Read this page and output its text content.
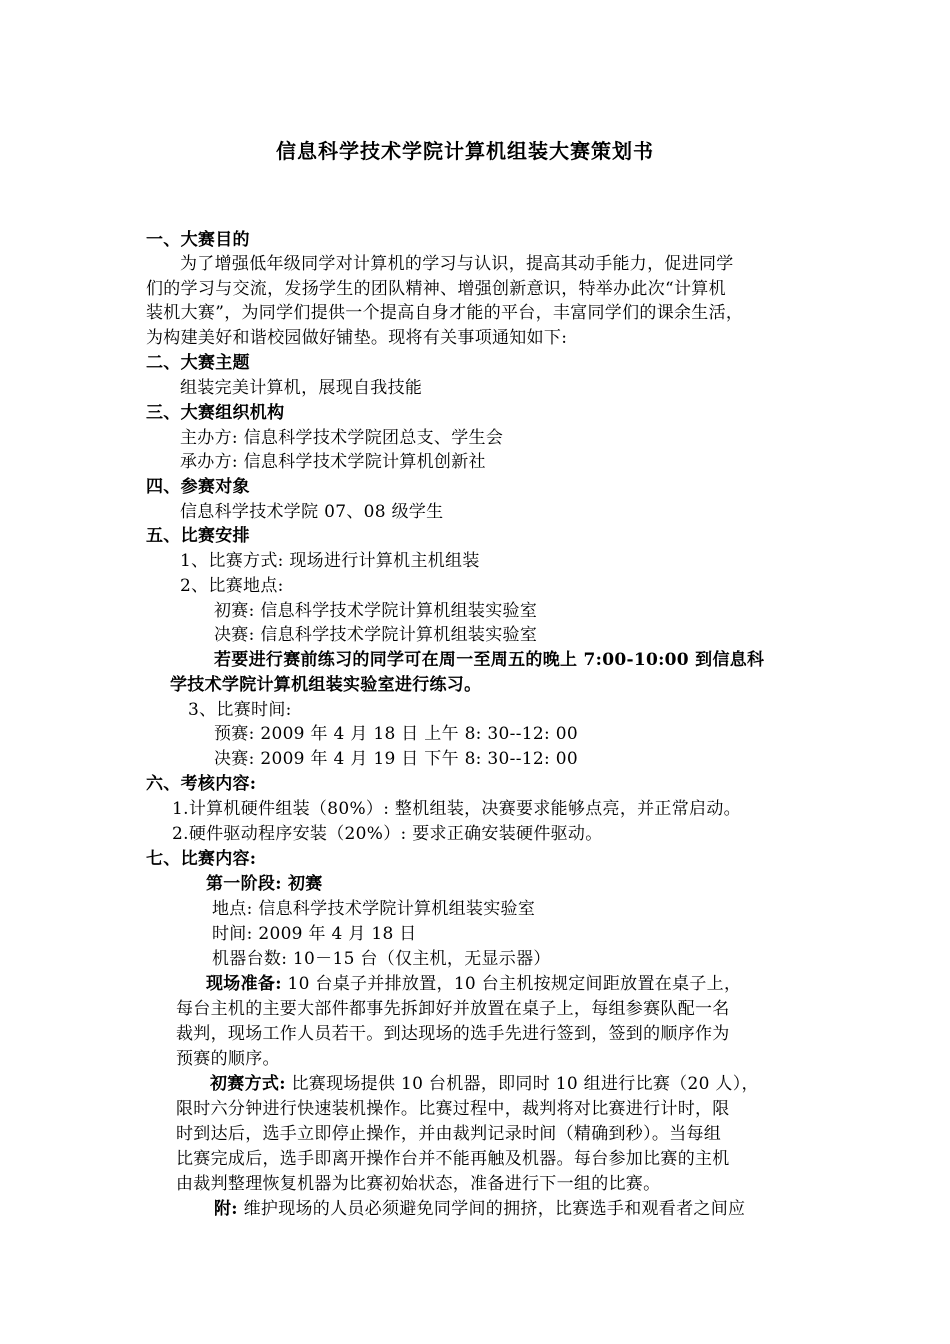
信息科学技术学院计算机组装大赛策划书
一、大赛目的
为了增强低年级同学对计算机的学习与认识，提高其动手能力，促进同学
们的学习与交流，发扬学生的团队精神、增强创新意识，特举办此次“计算机
装机大赛”，为同学们提供一个提高自身才能的平台，丰富同学们的课余生活，
为构建美好和谐校园做好铺垫。现将有关事项通知如下:
二、大赛主题
组装完美计算机，展现自我技能
三、大赛组织机构
主办方: 信息科学技术学院团总支、学生会
承办方: 信息科学技术学院计算机创新社
四、参赛对象
信息科学技术学院 07、08 级学生
五、比赛安排
1、比赛方式: 现场进行计算机主机组装
2、比赛地点:
初赛: 信息科学技术学院计算机组装实验室
决赛: 信息科学技术学院计算机组装实验室
若要进行赛前练习的同学可在周一至周五的晚上 7:00-10:00 到信息科
学技术学院计算机组装实验室进行练习。
3、比赛时间:
预赛: 2009 年 4 月 18 日 上午 8: 30--12: 00
决赛: 2009 年 4 月 19 日 下午 8: 30--12: 00
六、考核内容:
1.计算机硬件组装（80%）: 整机组装，决赛要求能够点亮，并正常启动。
2.硬件驱动程序安装（20%）: 要求正确安装硬件驱动。
七、比赛内容:
第一阶段: 初赛
地点: 信息科学技术学院计算机组装实验室
时间: 2009 年 4 月 18 日
机器台数: 10－15 台（仅主机，无显示器）
现场准备: 10 台桌子并排放置，10 台主机按规定间距放置在桌子上，
每台主机的主要大部件都事先拆卸好并放置在桌子上，每组参赛队配一名
裁判，现场工作人员若干。到达现场的选手先进行签到，签到的顺序作为
预赛的顺序。
初赛方式: 比赛现场提供 10 台机器，即同时 10 组进行比赛（20 人），
限时六分钟进行快速装机操作。比赛过程中，裁判将对比赛进行计时，限
时到达后，选手立即停止操作，并由裁判记录时间（精确到秒）。当每组
比赛完成后，选手即离开操作台并不能再触及机器。每台参加比赛的主机
由裁判整理恢复机器为比赛初始状态，准备进行下一组的比赛。
附: 维护现场的人员必须避免同学间的拥挤，比赛选手和观看者之间应
